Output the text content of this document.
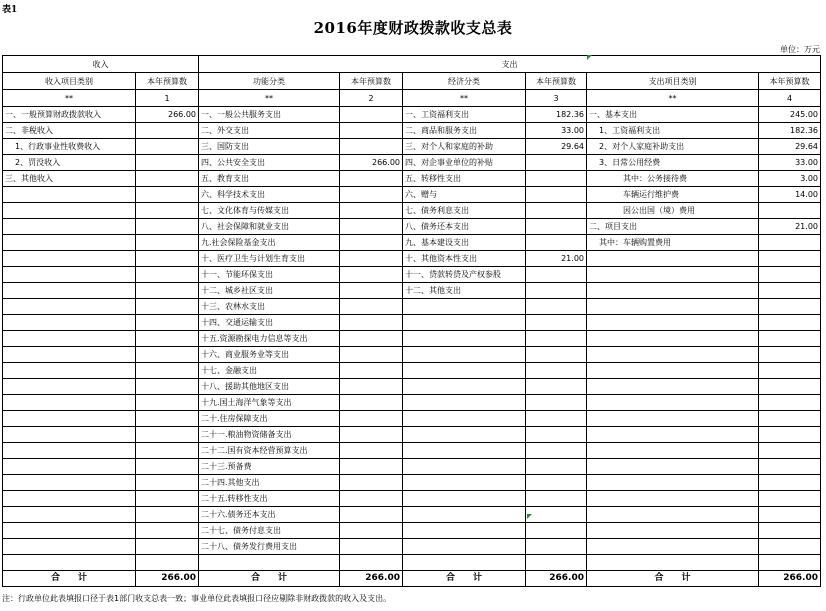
表1
2016年度财政拨款收支总表
单位：万元
收入		支出					
收入项目类别	本年预算数	功能分类	本年预算数	经济分类	本年预算数	支出项目类别	本年预算数
**	1	**	2	**	3	**	4
一、一般预算财政拨款收入	266.00	一、一般公共服务支出		一、工资福利支出	182.36	一、基本支出	245.00
二、非税收入		二、外交支出		二、商品和服务支出	33.00	1、工资福利支出	182.36
1、行政事业性收费收入		三、国防支出		三、对个人和家庭的补助	29.64	2、对个人家庭补助支出	29.64
2、罚没收入		四、公共安全支出	266.00	四、对企事业单位的补贴		3、日常公用经费	33.00
三、其他收入		五、教育支出		五、转移性支出		其中：公务接待费	3.00
		六、科学技术支出		六、赠与		车辆运行维护费	14.00
		七、文化体育与传媒支出		七、债务利息支出		因公出国（境）费用	
		八、社会保障和就业支出		八、债务还本支出		二、项目支出	21.00
		九.社会保险基金支出		九、基本建设支出		其中：车辆购置费用	
		十、医疗卫生与计划生育支出		十、其他资本性支出	21.00		
		十一、节能环保支出		十一、贷款转贷及产权参股			
		十二、城乡社区支出		十二、其他支出			
		十三、农林水支出					
		十四、交通运输支出					
		十五.资源勘探电力信息等支出					
		十六、商业服务业等支出					
		十七、金融支出					
		十八、援助其他地区支出					
		十九.国土海洋气象等支出					
		二十.住房保障支出					
		二十一.粮油物资储备支出					
		二十二.国有资本经营预算支出					
		二十三.预备费					
		二十四.其他支出					
		二十五.转移性支出					
		二十六.债务还本支出					
		二十七、债务付息支出					
		二十八、债务发行费用支出					

合　　计	266.00	合　　计	266.00	合　　计	266.00	合　　计	266.00
注：行政单位此表填报口径于表1部门收支总表一致；事业单位此表填报口径应剔除非财政拨款的收入及支出。
